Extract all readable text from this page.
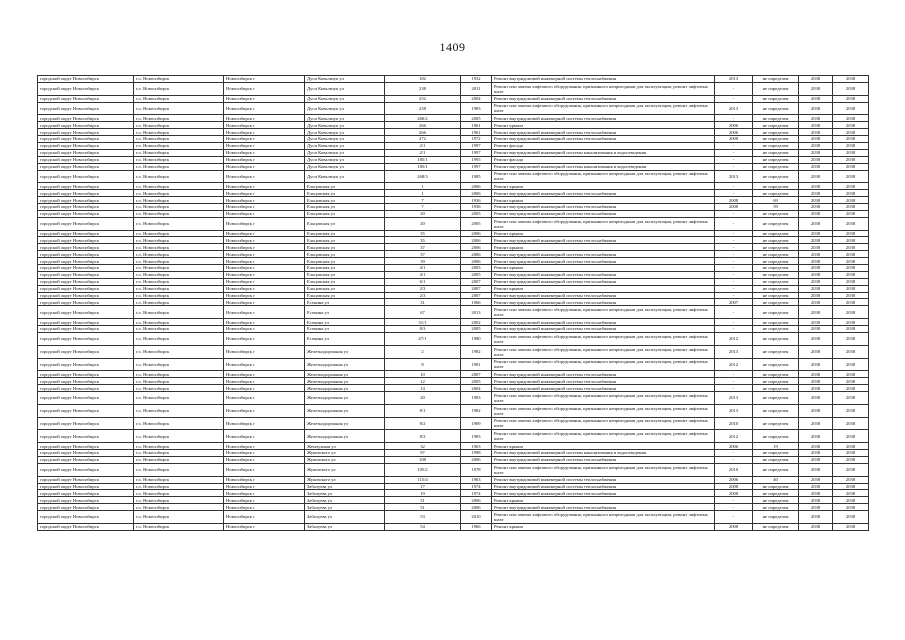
1409
городской округ Новосибирск	г.о. Новосибирск	Новосибирск г	Дуси Ковальчук ул	182	1932	Ремонт внутридомовой инженерной системы теплоснабжения	2013	не определен	2038	2038
городской округ Новосибирск	г.о. Новосибирск	Новосибирск г	Дуси Ковальчук ул	238	2011	Ремонт или замена лифтового оборудования, признанного непригодным для эксплуатации, ремонт лифтовых шахт	-	не определен	2038	2038
городской округ Новосибирск	г.о. Новосибирск	Новосибирск г	Дуси Ковальчук ул	252	2004	Ремонт внутридомовой инженерной системы теплоснабжения	-	не определен	2038	2038
городской округ Новосибирск	г.о. Новосибирск	Новосибирск г	Дуси Ковальчук ул	258	1983	Ремонт или замена лифтового оборудования, признанного непригодным для эксплуатации, ремонт лифтовых шахт	2013	не определен	2038	2038
городской округ Новосибирск	г.о. Новосибирск	Новосибирск г	Дуси Ковальчук ул	260/2	2005	Ремонт внутридомовой инженерной системы теплоснабжения	-	не определен	2038	2038
городской округ Новосибирск	г.о. Новосибирск	Новосибирск г	Дуси Ковальчук ул	266	1961	Ремонт крыши	2006	не определен	2038	2038
городской округ Новосибирск	г.о. Новосибирск	Новосибирск г	Дуси Ковальчук ул	266	1961	Ремонт внутридомовой инженерной системы теплоснабжения	2006	не определен	2038	2038
городской округ Новосибирск	г.о. Новосибирск	Новосибирск г	Дуси Ковальчук ул	272	1972	Ремонт внутридомовой инженерной системы теплоснабжения	2008	не определен	2038	2038
городской округ Новосибирск	г.о. Новосибирск	Новосибирск г	Дуси Ковальчук ул	2/1	1997	Ремонт фасада	-	не определен	2038	2038
городской округ Новосибирск	г.о. Новосибирск	Новосибирск г	Дуси Ковальчук ул	2/1	1997	Ремонт внутридомовой инженерной системы канализования и водоотведения	-	не определен	2038	2038
городской округ Новосибирск	г.о. Новосибирск	Новосибирск г	Дуси Ковальчук ул	185/1	1995	Ремонт фасада	-	не определен	2038	2038
городской округ Новосибирск	г.о. Новосибирск	Новосибирск г	Дуси Ковальчук ул	185/1	1997	Ремонт внутридомовой инженерной системы канализования и водоотведения	-	не определен	2038	2038
городской округ Новосибирск	г.о. Новосибирск	Новосибирск г	Дуси Ковальчук ул	268/3	1985	Ремонт или замена лифтового оборудования, признанного непригодным для эксплуатации, ремонт лифтовых шахт	2013	не определен	2038	2038
городской округ Новосибирск	г.о. Новосибирск	Новосибирск г	Ельцовская ул	1	2006	Ремонт крыши	-	не определен	2038	2038
городской округ Новосибирск	г.о. Новосибирск	Новосибирск г	Ельцовская ул	1	2006	Ремонт внутридомовой инженерной системы теплоснабжения	-	не определен	2038	2038
городской округ Новосибирск	г.о. Новосибирск	Новосибирск г	Ельцовская ул	7	1936	Ремонт крыши	2008	69	2038	2038
городской округ Новосибирск	г.о. Новосибирск	Новосибирск г	Ельцовская ул	7	1936	Ремонт внутридомовой инженерной системы теплоснабжения	2008	59	2038	2038
городской округ Новосибирск	г.о. Новосибирск	Новосибирск г	Ельцовская ул	20	2005	Ремонт внутридомовой инженерной системы теплоснабжения	-	не определен	2038	2038
городской округ Новосибирск	г.о. Новосибирск	Новосибирск г	Ельцовская ул	20	2005	Ремонт или замена лифтового оборудования, признанного непригодным для эксплуатации, ремонт лифтовых шахт	-	не определен	2038	2038
городской округ Новосибирск	г.о. Новосибирск	Новосибирск г	Ельцовская ул	35	2006	Ремонт крыши	-	не определен	2038	2038
городской округ Новосибирск	г.о. Новосибирск	Новосибирск г	Ельцовская ул	35	2006	Ремонт внутридомовой инженерной системы теплоснабжения	-	не определен	2038	2038
городской округ Новосибирск	г.о. Новосибирск	Новосибирск г	Ельцовская ул	37	2006	Ремонт крыши	-	не определен	2038	2038
городской округ Новосибирск	г.о. Новосибирск	Новосибирск г	Ельцовская ул	37	2006	Ремонт внутридомовой инженерной системы теплоснабжения	-	не определен	2038	2038
городской округ Новосибирск	г.о. Новосибирск	Новосибирск г	Ельцовская ул	39	2006	Ремонт внутридомовой инженерной системы теплоснабжения	-	не определен	2038	2038
городской округ Новосибирск	г.о. Новосибирск	Новосибирск г	Ельцовская ул	4/1	2005	Ремонт крыши	-	не определен	2038	2038
городской округ Новосибирск	г.о. Новосибирск	Новосибирск г	Ельцовская ул	4/1	2005	Ремонт внутридомовой инженерной системы теплоснабжения	-	не определен	2038	2038
городской округ Новосибирск	г.о. Новосибирск	Новосибирск г	Ельцовская ул	6/1	2007	Ремонт внутридомовой инженерной системы теплоснабжения	-	не определен	2038	2038
городской округ Новосибирск	г.о. Новосибирск	Новосибирск г	Ельцовская ул	2/3	2007	Ремонт крыши	-	не определен	2038	2038
городской округ Новосибирск	г.о. Новосибирск	Новосибирск г	Ельцовская ул	2/3	2007	Ремонт внутридомовой инженерной системы теплоснабжения	-	не определен	2038	2038
городской округ Новосибирск	г.о. Новосибирск	Новосибирск г	Есенина ул	31	1966	Ремонт внутридомовой инженерной системы теплоснабжения	2007	не определен	2038	2038
городской округ Новосибирск	г.о. Новосибирск	Новосибирск г	Есенина ул	67	2013	Ремонт или замена лифтового оборудования, признанного непригодным для эксплуатации, ремонт лифтовых шахт	-	не определен	2038	2038
городской округ Новосибирск	г.о. Новосибирск	Новосибирск г	Есенина ул	31/1	2002	Ремонт внутридомовой инженерной системы теплоснабжения	-	не определен	2038	2038
городской округ Новосибирск	г.о. Новосибирск	Новосибирск г	Есенина ул	8/3	2005	Ремонт внутридомовой инженерной системы теплоснабжения	-	не определен	2038	2038
городской округ Новосибирск	г.о. Новосибирск	Новосибирск г	Есенина ул	47/1	1980	Ремонт или замена лифтового оборудования, признанного непригодным для эксплуатации, ремонт лифтовых шахт	2012	не определен	2038	2038
городской округ Новосибирск	г.о. Новосибирск	Новосибирск г	Железнодорожная ул	2	1982	Ремонт или замена лифтового оборудования, признанного непригодным для эксплуатации, ремонт лифтовых шахт	2013	не определен	2038	2038
городской округ Новосибирск	г.о. Новосибирск	Новосибирск г	Железнодорожная ул	8	1981	Ремонт или замена лифтового оборудования, признанного непригодным для эксплуатации, ремонт лифтовых шахт	2012	не определен	2038	2038
городской округ Новосибирск	г.о. Новосибирск	Новосибирск г	Железнодорожная ул	10	2007	Ремонт внутридомовой инженерной системы теплоснабжения	-	не определен	2038	2038
городской округ Новосибирск	г.о. Новосибирск	Новосибирск г	Железнодорожная ул	12	2005	Ремонт внутридомовой инженерной системы теплоснабжения	-	не определен	2038	2038
городской округ Новосибирск	г.о. Новосибирск	Новосибирск г	Железнодорожная ул	14	2004	Ремонт внутридомовой инженерной системы теплоснабжения	-	не определен	2038	2038
городской округ Новосибирск	г.о. Новосибирск	Новосибирск г	Железнодорожная ул	20	1983	Ремонт или замена лифтового оборудования, признанного непригодным для эксплуатации, ремонт лифтовых шахт	2013	не определен	2038	2038
городской округ Новосибирск	г.о. Новосибирск	Новосибирск г	Железнодорожная ул	8/1	1982	Ремонт или замена лифтового оборудования, признанного непригодным для эксплуатации, ремонт лифтовых шахт	2013	не определен	2038	2038
городской округ Новосибирск	г.о. Новосибирск	Новосибирск г	Железнодорожная ул	8/2	1969	Ремонт или замена лифтового оборудования, признанного непригодным для эксплуатации, ремонт лифтовых шахт	2010	не определен	2038	2038
городской округ Новосибирск	г.о. Новосибирск	Новосибирск г	Железнодорожная ул	8/3	1983	Ремонт или замена лифтового оборудования, признанного непригодным для эксплуатации, ремонт лифтовых шахт	2012	не определен	2038	2038
городской округ Новосибирск	г.о. Новосибирск	Новосибирск г	Жемчужная ул	32	1963	Ремонт крыши	2006	19	2038	2038
городской округ Новосибирск	г.о. Новосибирск	Новосибирск г	Жуковского ул	97	1998	Ремонт внутридомовой инженерной системы канализования и водоотведения	-	не определен	2038	2038
городской округ Новосибирск	г.о. Новосибирск	Новосибирск г	Жуковского ул	108	2006	Ремонт внутридомовой инженерной системы теплоснабжения	-	не определен	2038	2038
городской округ Новосибирск	г.о. Новосибирск	Новосибирск г	Жуковского ул	105/2	1978	Ремонт или замена лифтового оборудования, признанного непригодным для эксплуатации, ремонт лифтовых шахт	2010	не определен	2038	2038
городской округ Новосибирск	г.о. Новосибирск	Новосибирск г	Жуковского ул	115/4	1963	Ремонт внутридомовой инженерной системы теплоснабжения	2006	40	2038	2038
городской округ Новосибирск	г.о. Новосибирск	Новосибирск г	Забалуева ул	17	1974	Ремонт внутридомовой инженерной системы теплоснабжения	2008	не определен	2038	2038
городской округ Новосибирск	г.о. Новосибирск	Новосибирск г	Забалуева ул	19	1974	Ремонт внутридомовой инженерной системы теплоснабжения	2008	не определен	2038	2038
городской округ Новосибирск	г.о. Новосибирск	Новосибирск г	Забалуева ул	51	2006	Ремонт крыши	-	не определен	2038	2038
городской округ Новосибирск	г.о. Новосибирск	Новосибирск г	Забалуева ул	51	2006	Ремонт внутридомовой инженерной системы теплоснабжения	-	не определен	2038	2038
городской округ Новосибирск	г.о. Новосибирск	Новосибирск г	Забалуева ул	53	2010	Ремонт или замена лифтового оборудования, признанного непригодным для эксплуатации, ремонт лифтовых шахт	-	не определен	2038	2038
городской округ Новосибирск	г.о. Новосибирск	Новосибирск г	Забалуева ул	54	1966	Ремонт крыши	2008	не определен	2038	2038
